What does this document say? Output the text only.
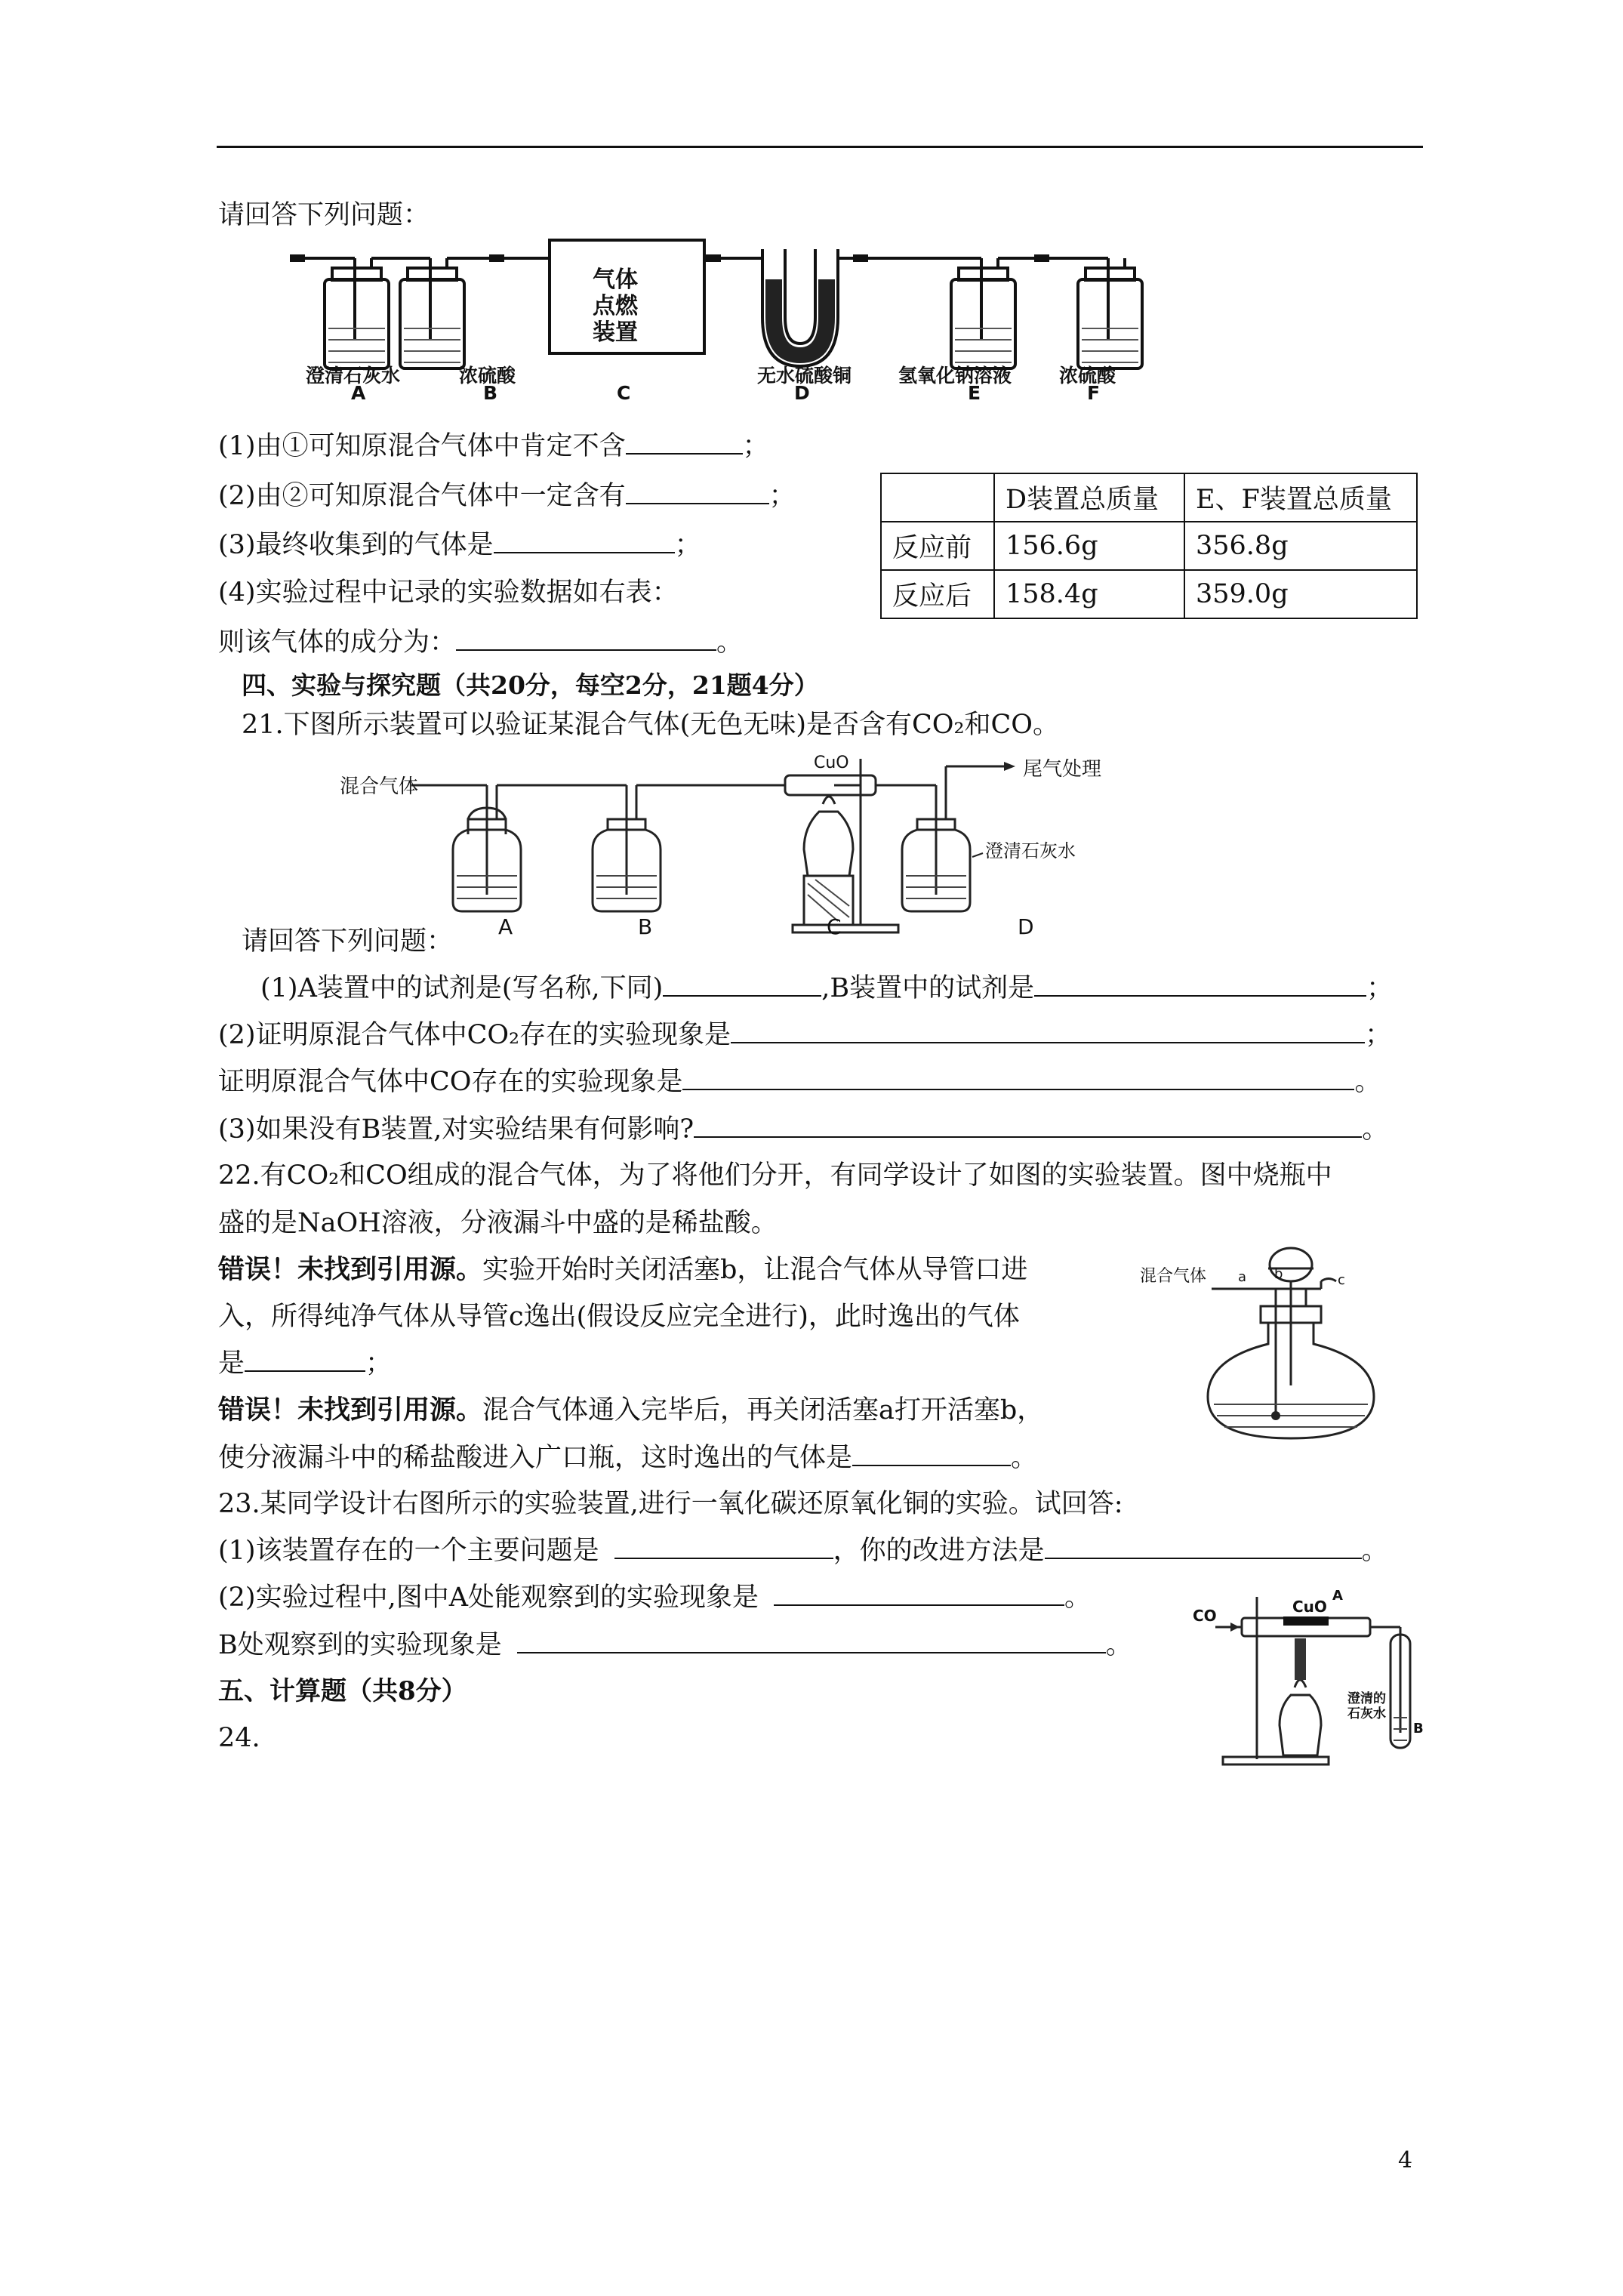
请回答下列问题：
气体
点燃
装置
澄清石灰水	浓硫酸	无水硫酸铜 氢氧化钠溶液	浓硫酸
A	B	C	D	E	F
(1)由①可知原混合气体中肯定不含	；
(2)由②可知原混合气体中一定含有	；
(3)最终收集到的气体是	；
(4)实验过程中记录的实验数据如右表：
则该气体的成分为：	。
	D装置总质量	E、F装置总质量
反应前	156.6g	356.8g
反应后	158.4g	359.0g
四、实验与探究题（共20分，每空2分，21题4分）
21.下图所示装置可以验证某混合气体(无色无味)是否含有CO₂和CO。
混合气体
CuO	尾气处理
澄清石灰水
A	B	C	D
请回答下列问题：
(1)A装置中的试剂是(写名称,下同)	,B装置中的试剂是	；
(2)证明原混合气体中CO₂存在的实验现象是	；
证明原混合气体中CO存在的实验现象是	。
(3)如果没有B装置,对实验结果有何影响?	。
22.有CO₂和CO组成的混合气体，为了将他们分开，有同学设计了如图的实验装置。图中烧瓶中
盛的是NaOH溶液，分液漏斗中盛的是稀盐酸。
错误！未找到引用源。实验开始时关闭活塞b，让混合气体从导管口进
入，所得纯净气体从导管c逸出(假设反应完全进行)，此时逸出的气体
是	；
错误！未找到引用源。混合气体通入完毕后，再关闭活塞a打开活塞b，
使分液漏斗中的稀盐酸进入广口瓶，这时逸出的气体是	。
混合气体 a b	c
23.某同学设计右图所示的实验装置,进行一氧化碳还原氧化铜的实验。试回答:
(1)该装置存在的一个主要问题是	，你的改进方法是	。
(2)实验过程中,图中A处能观察到的实验现象是	。
B处观察到的实验现象是	。
CO	CuO
A
B
澄清的
石灰水
五、计算题（共8分）
24.
4
